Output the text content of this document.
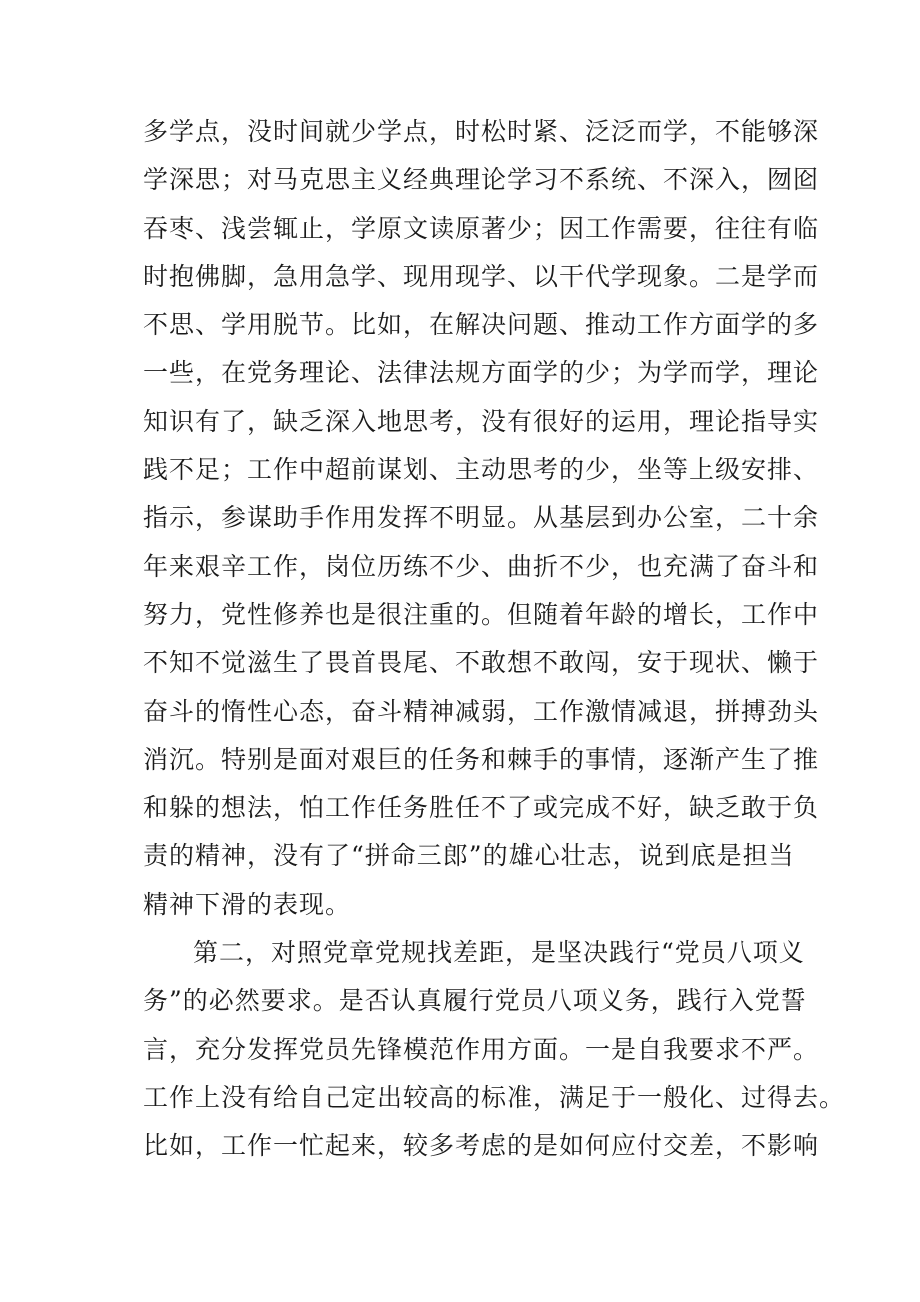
多学点，没时间就少学点，时松时紧、泛泛而学，不能够深
学深思；对马克思主义经典理论学习不系统、不深入，囫囵
吞枣、浅尝辄止，学原文读原著少；因工作需要，往往有临
时抱佛脚，急用急学、现用现学、以干代学现象。二是学而
不思、学用脱节。比如，在解决问题、推动工作方面学的多
一些，在党务理论、法律法规方面学的少；为学而学，理论
知识有了，缺乏深入地思考，没有很好的运用，理论指导实
践不足；工作中超前谋划、主动思考的少，坐等上级安排、
指示，参谋助手作用发挥不明显。从基层到办公室，二十余
年来艰辛工作，岗位历练不少、曲折不少，也充满了奋斗和
努力，党性修养也是很注重的。但随着年龄的增长，工作中
不知不觉滋生了畏首畏尾、不敢想不敢闯，安于现状、懒于
奋斗的惰性心态，奋斗精神减弱，工作激情减退，拼搏劲头
消沉。特别是面对艰巨的任务和棘手的事情，逐渐产生了推
和躲的想法，怕工作任务胜任不了或完成不好，缺乏敢于负
责的精神，没有了“拼命三郎”的雄心壮志，说到底是担当
精神下滑的表现。
第二，对照党章党规找差距，是坚决践行“党员八项义
务”的必然要求。是否认真履行党员八项义务，践行入党誓
言，充分发挥党员先锋模范作用方面。一是自我要求不严。
工作上没有给自己定出较高的标准，满足于一般化、过得去。
比如，工作一忙起来，较多考虑的是如何应付交差，不影响
